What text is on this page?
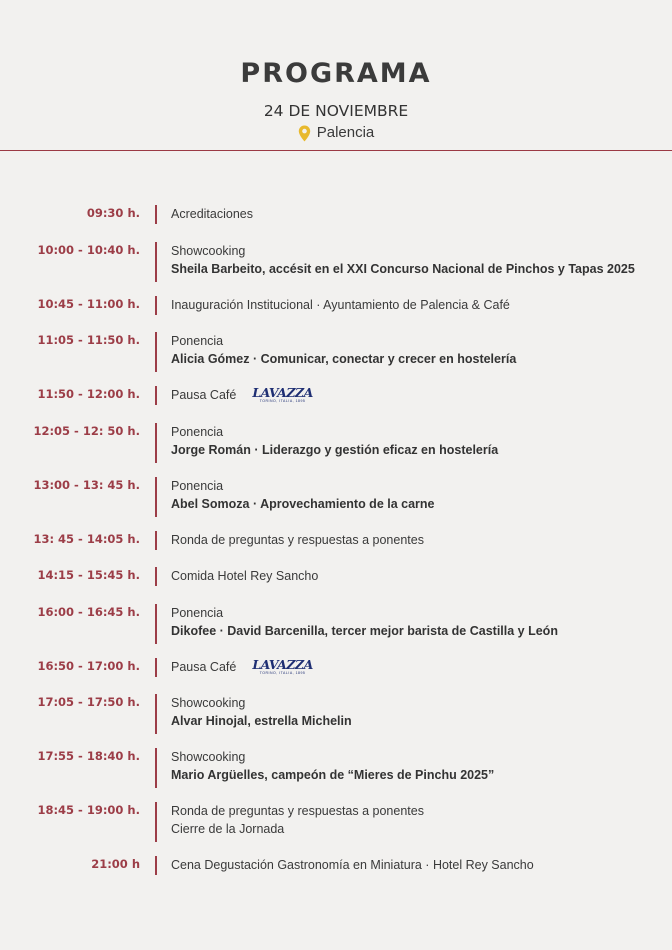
PROGRAMA
24 DE NOVIEMBRE
Palencia
09:30 h. Acreditaciones
10:00 - 10:40 h. Showcooking
Sheila Barbeito, accésit en el XXI Concurso Nacional de Pinchos y Tapas 2025
10:45 - 11:00 h. Inauguración Institucional · Ayuntamiento de Palencia & Café
11:05 - 11:50 h. Ponencia
Alicia Gómez · Comunicar, conectar y crecer en hostelería
11:50 - 12:00 h. Pausa Café LAVAZZA
TORINO, ITALIA, 1895
12:05 - 12: 50 h. Ponencia
Jorge Román · Liderazgo y gestión eficaz en hostelería
13:00 - 13: 45 h. Ponencia
Abel Somoza · Aprovechamiento de la carne
13: 45 - 14:05 h. Ronda de preguntas y respuestas a ponentes
14:15 - 15:45 h. Comida Hotel Rey Sancho
16:00 - 16:45 h. Ponencia
Dikofee · David Barcenilla, tercer mejor barista de Castilla y León
16:50 - 17:00 h. Pausa Café LAVAZZA
TORINO, ITALIA, 1895
17:05 - 17:50 h. Showcooking
Alvar Hinojal, estrella Michelin
17:55 - 18:40 h. Showcooking
Mario Argüelles, campeón de “Mieres de Pinchu 2025”
18:45 - 19:00 h. Ronda de preguntas y respuestas a ponentes
Cierre de la Jornada
21:00 h Cena Degustación Gastronomía en Miniatura · Hotel Rey Sancho
